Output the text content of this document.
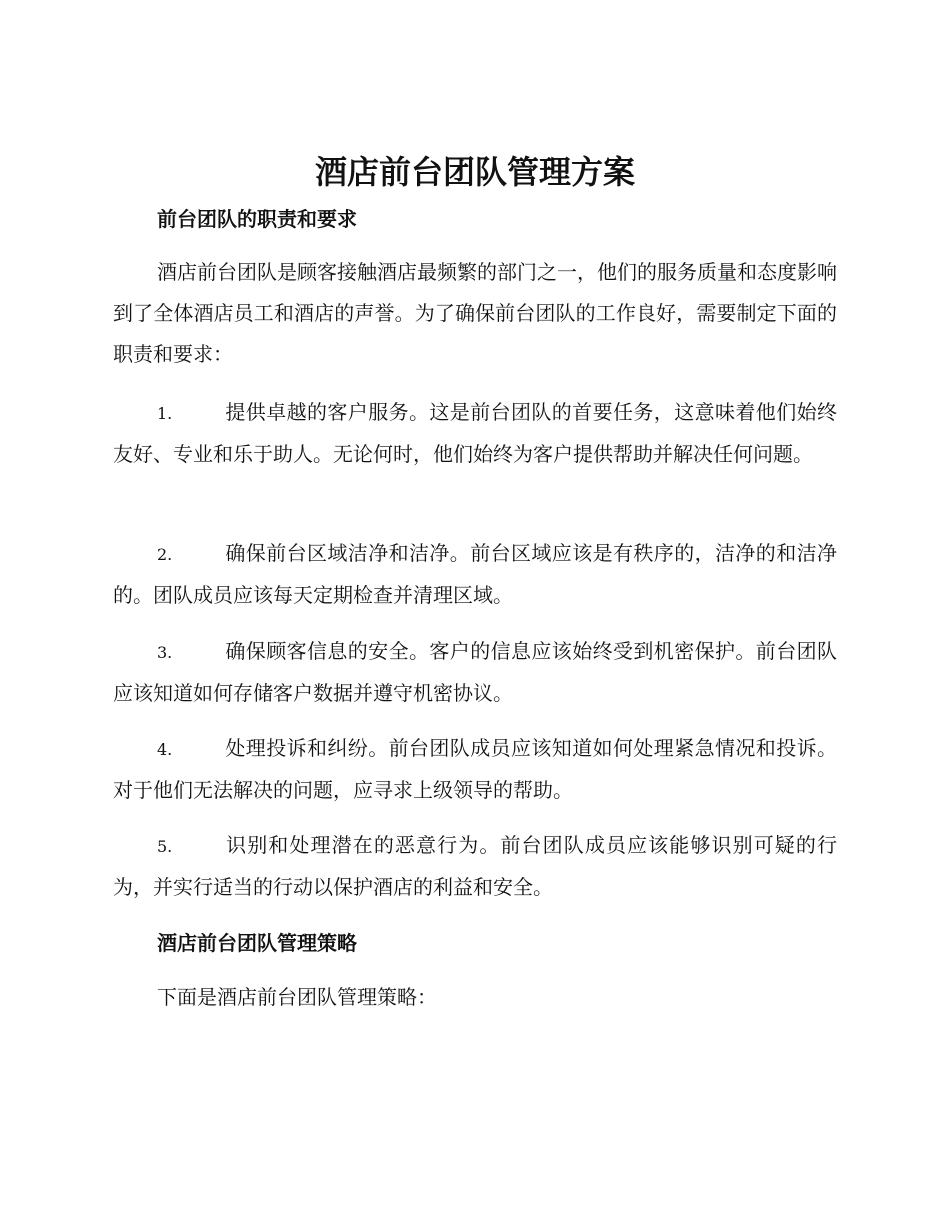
酒店前台团队管理方案
前台团队的职责和要求

酒店前台团队是顾客接触酒店最频繁的部门之一，他们的服务质量和态度影响到了全体酒店员工和酒店的声誉。为了确保前台团队的工作良好，需要制定下面的职责和要求：

1.	提供卓越的客户服务。这是前台团队的首要任务，这意味着他们始终友好、专业和乐于助人。无论何时，他们始终为客户提供帮助并解决任何问题。

2.	确保前台区域洁净和洁净。前台区域应该是有秩序的，洁净的和洁净的。团队成员应该每天定期检查并清理区域。

3.	确保顾客信息的安全。客户的信息应该始终受到机密保护。前台团队应该知道如何存储客户数据并遵守机密协议。

4.	处理投诉和纠纷。前台团队成员应该知道如何处理紧急情况和投诉。对于他们无法解决的问题，应寻求上级领导的帮助。

5.	识别和处理潜在的恶意行为。前台团队成员应该能够识别可疑的行为，并实行适当的行动以保护酒店的利益和安全。

酒店前台团队管理策略

下面是酒店前台团队管理策略：
